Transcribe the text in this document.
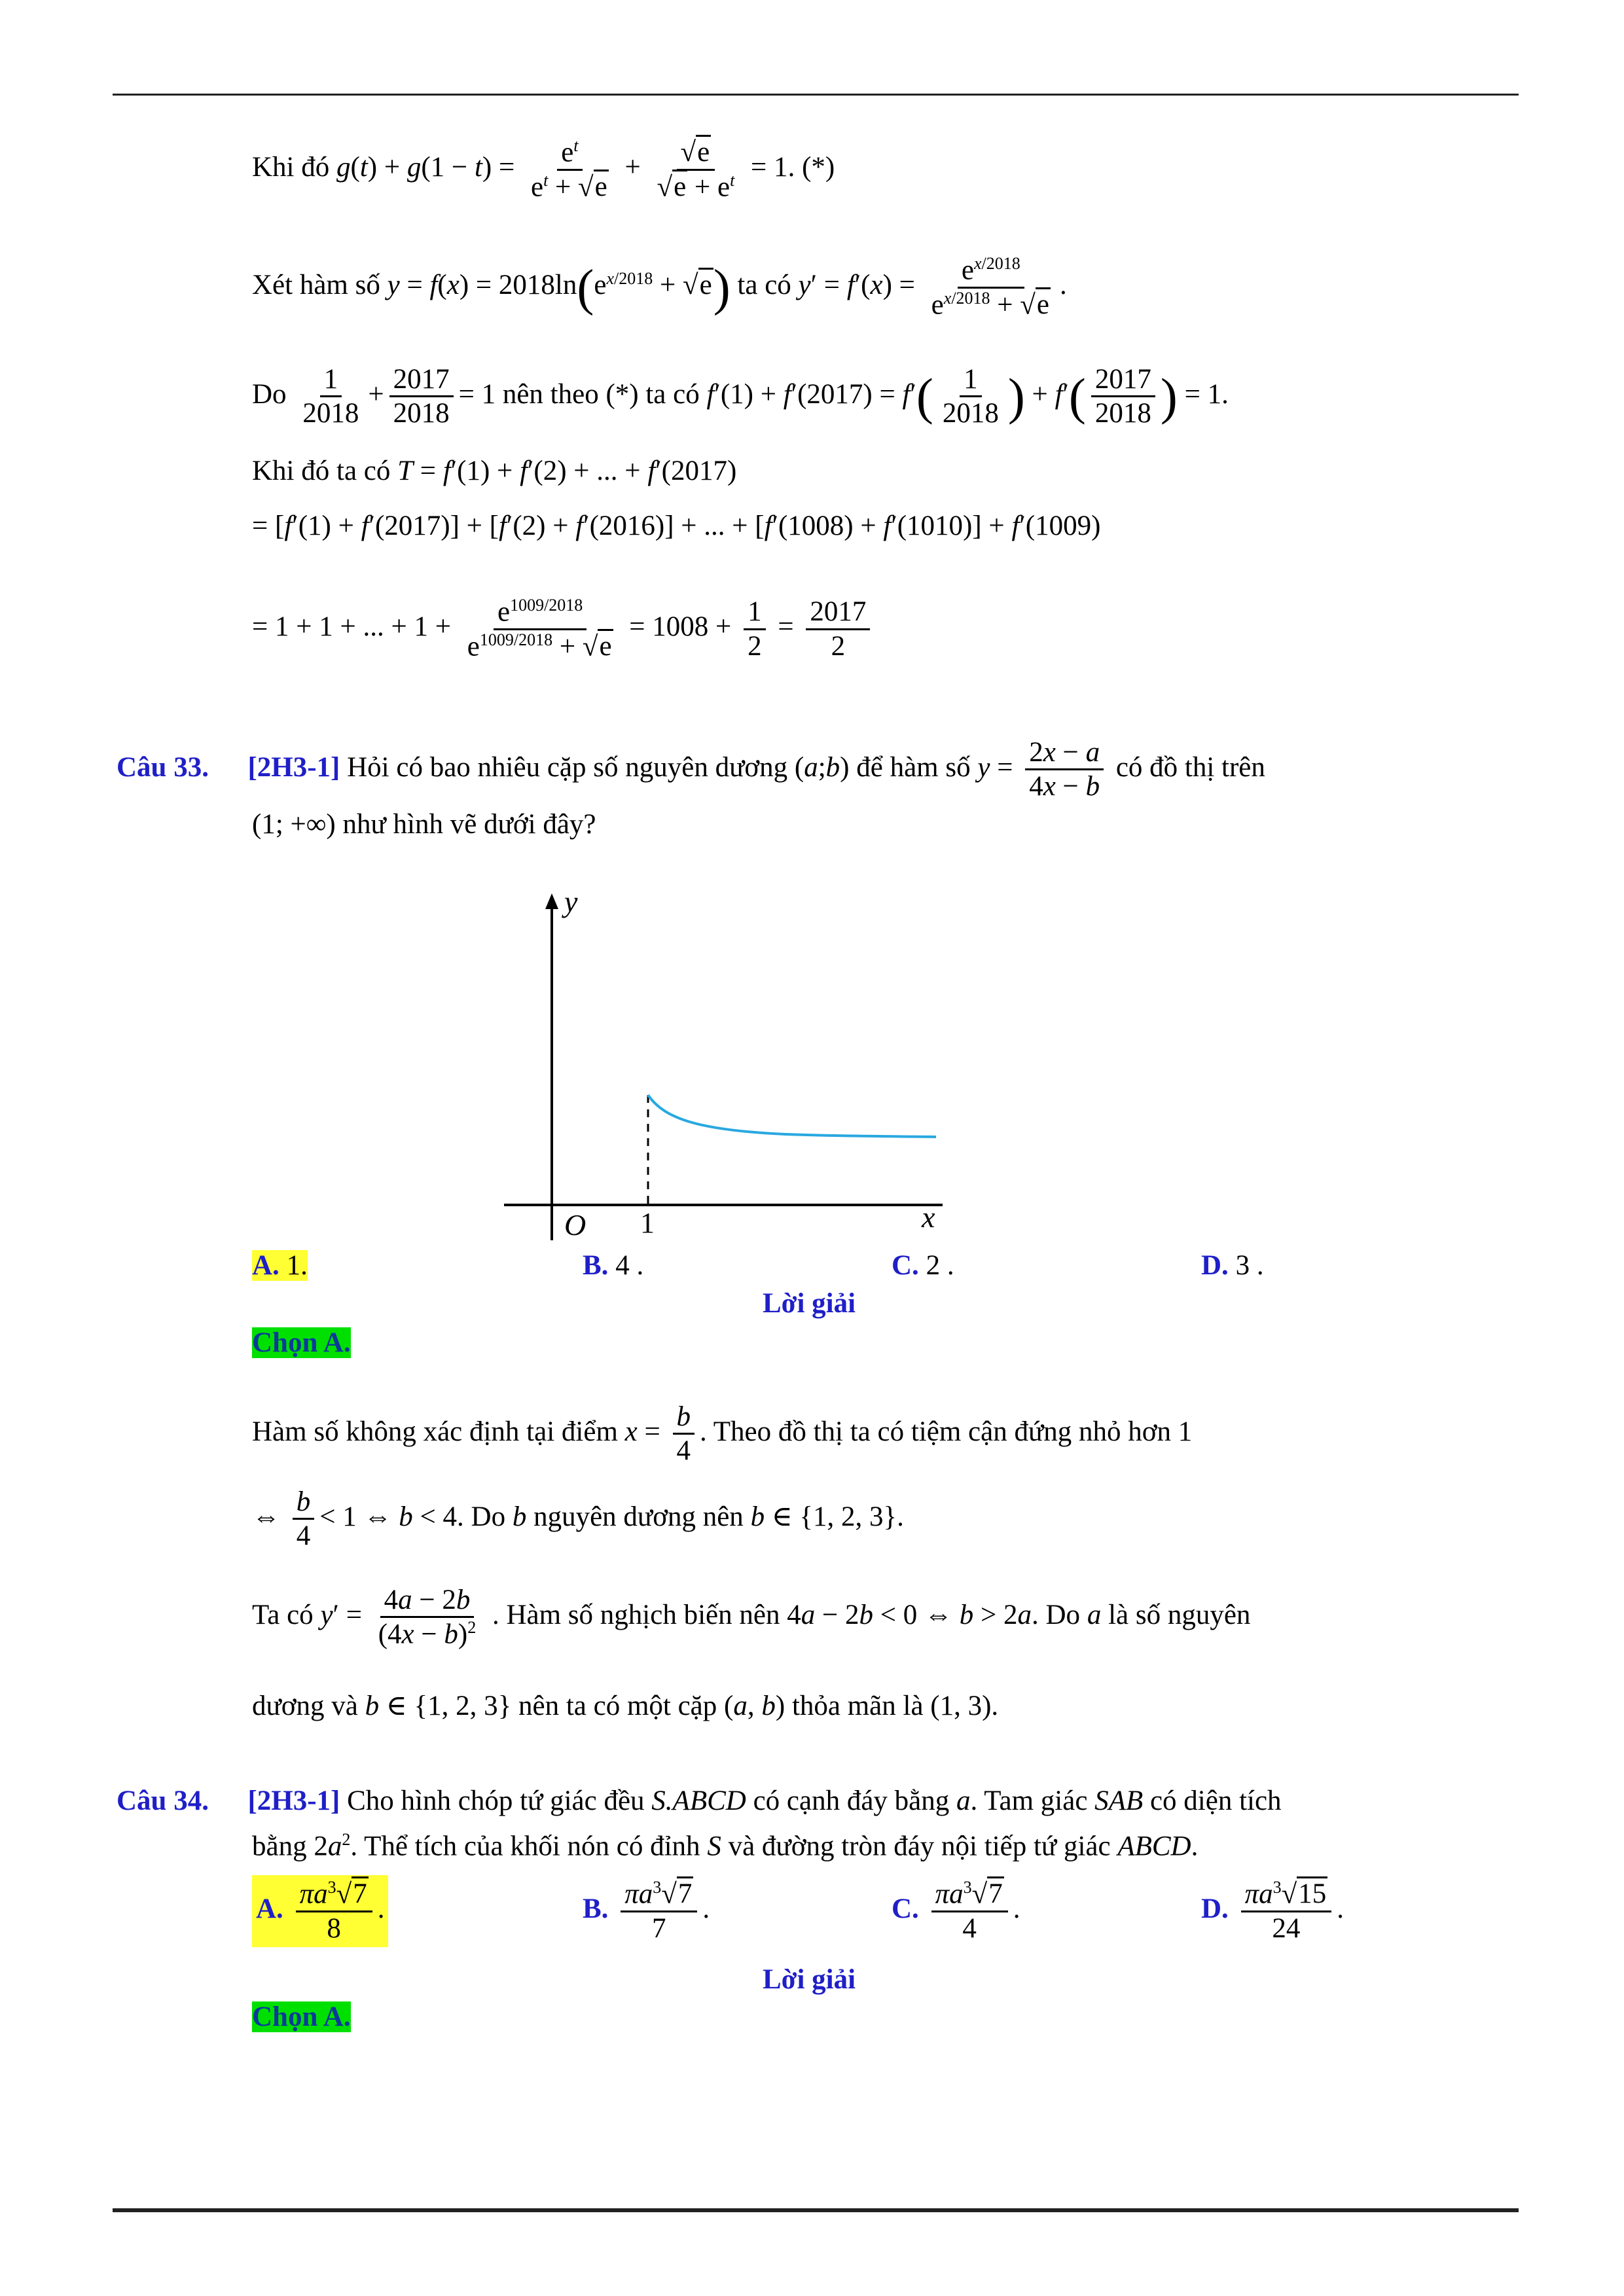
Khi đó $g(t) + g(1 - t) = \frac{e^t}{e^t + √e} + \frac{√e}{√e + e^t} = 1$. (*)
Xét hàm số $y = f(x) = 2018\ln(e^{x/2018} + √e)$ ta có $y' = f'(x) = \frac{e^{x/2018}}{e^{x/2018} + √e}$ .
Do $\frac{1}{2018} + \frac{2017}{2018} = 1$ nên theo (*) ta có $f'(1) + f'(2017) = f'( \frac{1}{2018}$ ) + $f'( \frac{2017}{2018}$ ) = 1.
Khi đó ta có T = f′(1) + f′(2) + ... + f′(2017)
= [f′(1) + f′(2017)] + [f′(2) + f′(2016)] + ... + [f′(1008) + f′(1010)] + f′(1009)
= 1 + 1 + ... + $1 + \frac{e^{1009/2018}}{e^{1009/2018} + √e} = 1008 + \frac{1}{2} = \frac{2017}{2}$
Câu 33. [2H3-1] Hỏi có bao nhiêu cặp số nguyên dương (a;b) để hàm số $y = \frac{2x - a}{4x - b}$ có đồ thị trên
(1; +∞) như hình vẽ dưới đây?
y
x
O 1
A. 1.	B. 4 .	C. 2 .	D. 3 .
Lời giải
Chọn A.
Hàm số không xác định tại điểm $x = \frac{b}{4}$ . Theo đồ thị ta có tiệm cận đứng nhỏ hơn 1
⇔ $\frac{b}{4} < 1$ ⇔ b < 4. Do b nguyên dương nên b ∈ {1, 2, 3}.
Ta có $y' = \frac{4a - 2b}{(4x - b)^2}$ . Hàm số nghịch biến nên 4a − 2b < 0 ⇔ b > 2a. Do a là số nguyên
dương và b ∈ {1, 2, 3} nên ta có một cặp (a, b) thỏa mãn là (1, 3).
Câu 34. [2H3-1] Cho hình chóp tứ giác đều S.ABCD có cạnh đáy bằng a. Tam giác SAB có diện tích
bằng $2a^2$. Thể tích của khối nón có đỉnh S và đường tròn đáy nội tiếp tứ giác ABCD.
A. $\frac{\pi a^3√7}{8}$ .	B. $\frac{\pi a^3√7}{7}$ .	C. $\frac{\pi a^3√7}{4}$ .	D. $\frac{\pi a^3√15}{24}$ .
Lời giải
Chọn A.
